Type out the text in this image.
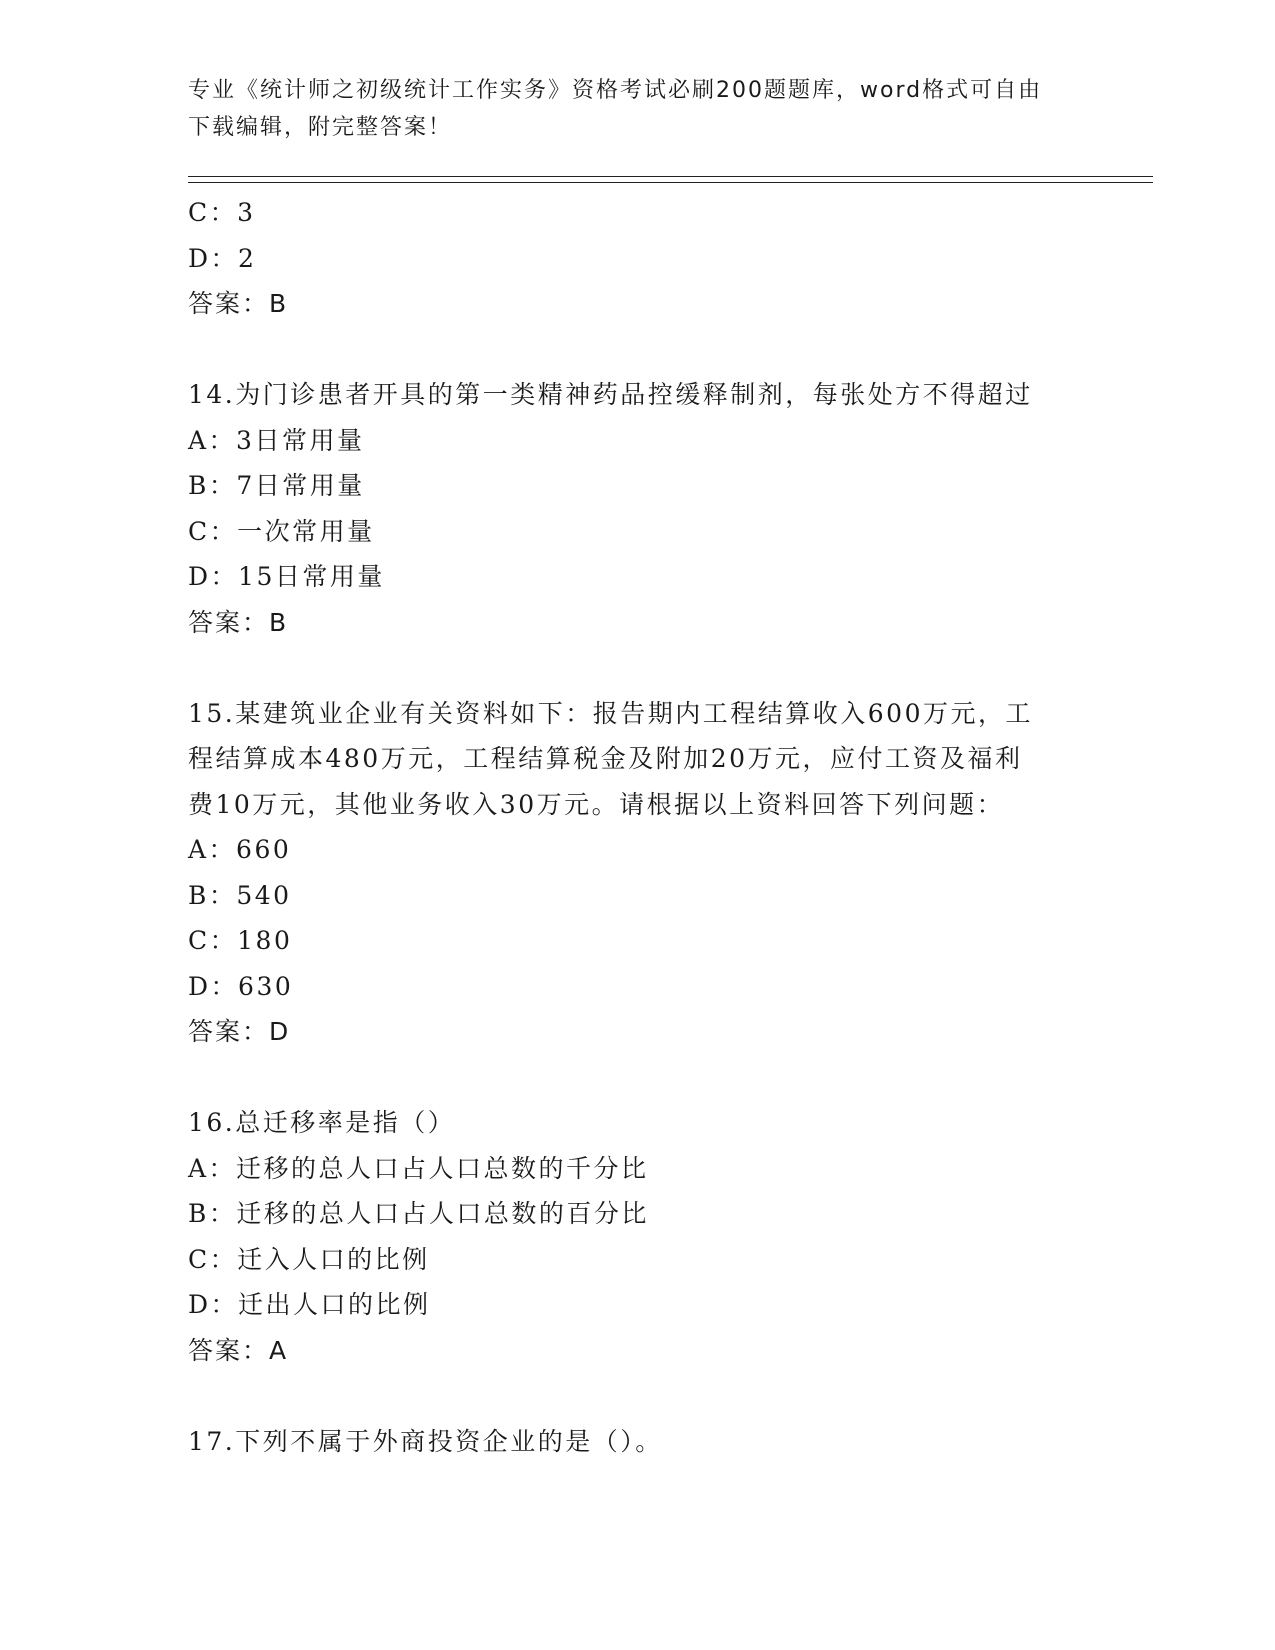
专业《统计师之初级统计工作实务》资格考试必刷200题题库，word格式可自由
下载编辑，附完整答案！
C：3
D：2
答案：B
14.为门诊患者开具的第一类精神药品控缓释制剂，每张处方不得超过
A：3日常用量
B：7日常用量
C：一次常用量
D：15日常用量
答案：B
15.某建筑业企业有关资料如下：报告期内工程结算收入600万元，工
程结算成本480万元，工程结算税金及附加20万元，应付工资及福利
费10万元，其他业务收入30万元。请根据以上资料回答下列问题：
A：660
B：540
C：180
D：630
答案：D
16.总迁移率是指（）
A：迁移的总人口占人口总数的千分比
B：迁移的总人口占人口总数的百分比
C：迁入人口的比例
D：迁出人口的比例
答案：A
17.下列不属于外商投资企业的是（）。
